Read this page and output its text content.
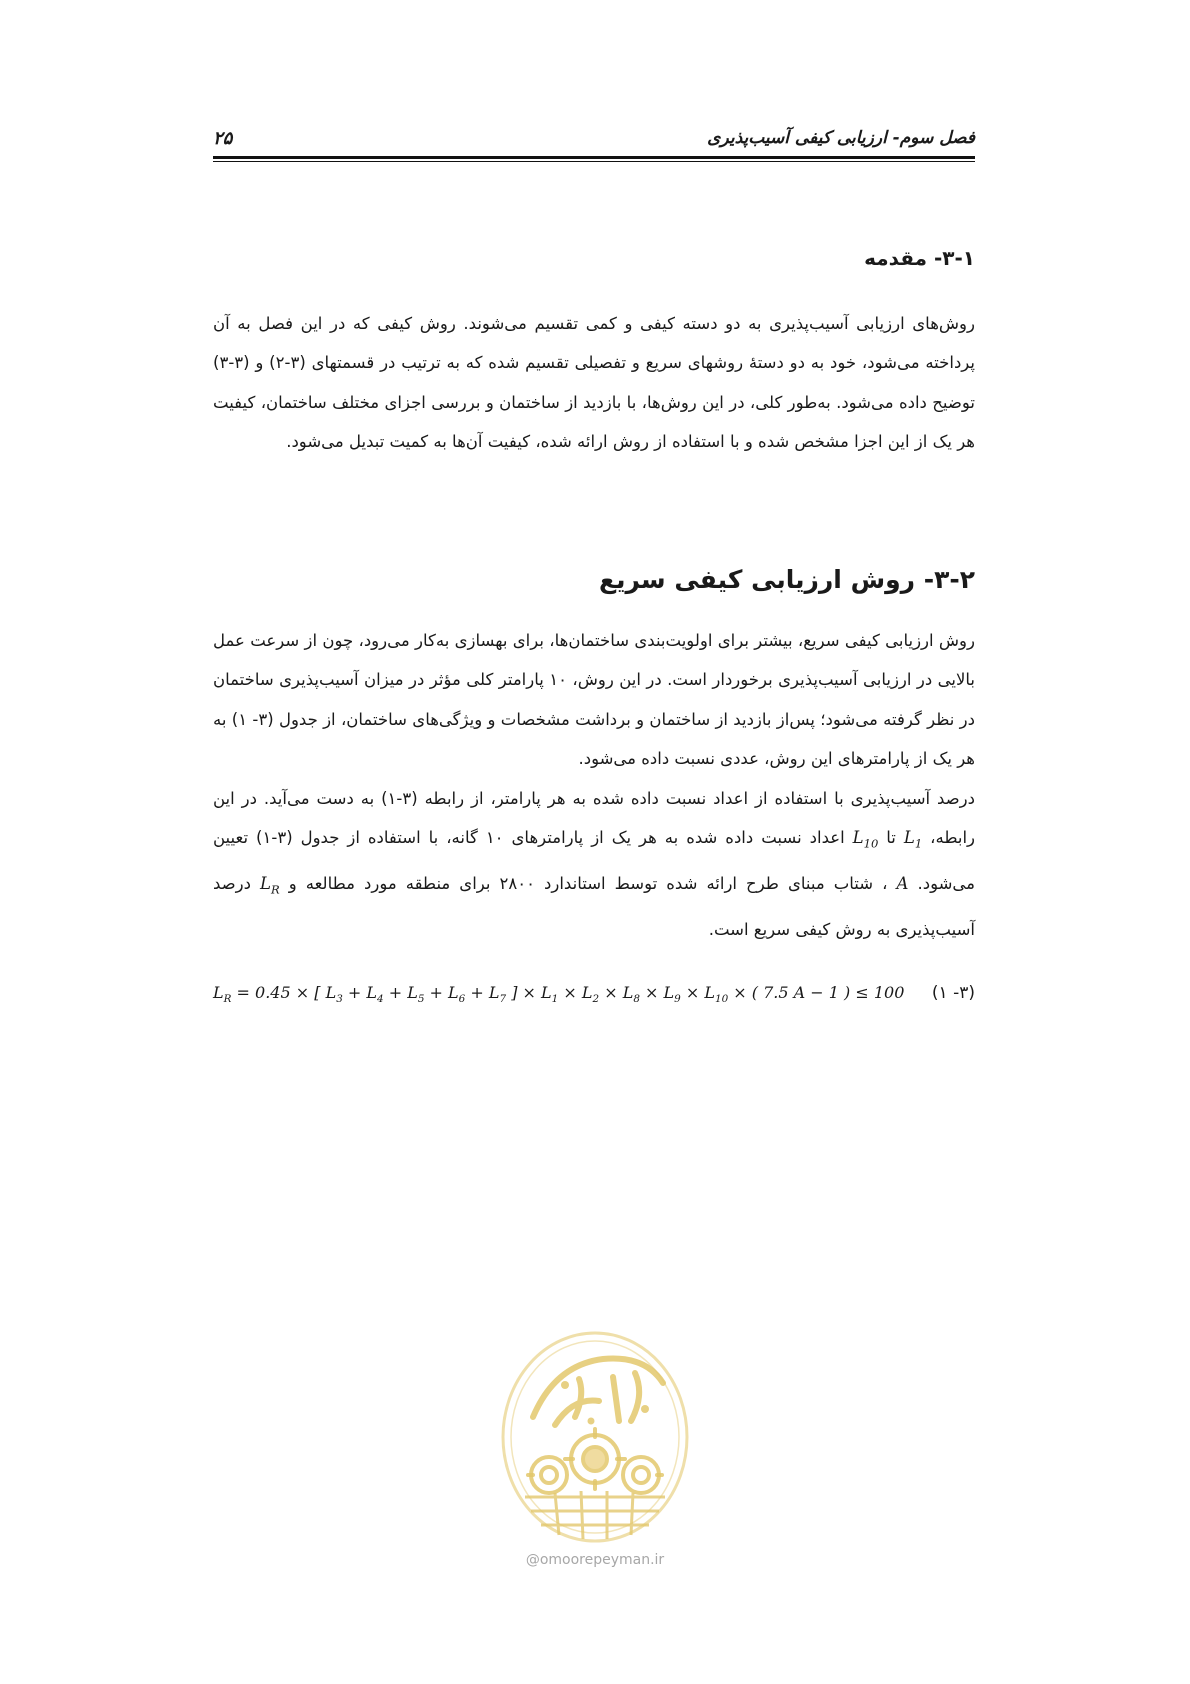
فصل سوم- ارزیابی کیفی آسیب‌پذیری
۲۵
۳-۱- مقدمه

روش‌های ارزیابی آسیب‌پذیری به دو دسته کیفی و کمی تقسیم می‌شوند. روش کیفی که در این فصل به آن پرداخته می‌شود، خود به دو دستهٔ روشهای سریع و تفصیلی تقسیم شده که به ترتیب در قسمتهای (۳-۲) و (۳-۳) توضیح داده می‌شود. به‌طور کلی، در این روش‌ها، با بازدید از ساختمان و بررسی اجزای مختلف ساختمان، کیفیت هر یک از این اجزا مشخص شده و با استفاده از روش ارائه شده، کیفیت آن‌ها به کمیت تبدیل می‌شود.

۳-۲- روش ارزیابی کیفی سریع

روش ارزیابی کیفی سریع، بیشتر برای اولویت‌بندی ساختمان‌ها، برای بهسازی به‌کار می‌رود، چون از سرعت عمل بالایی در ارزیابی آسیب‌پذیری برخوردار است. در این روش، ۱۰ پارامتر کلی مؤثر در میزان آسیب‌پذیری ساختمان در نظر گرفته می‌شود؛ پس‌از بازدید از ساختمان و برداشت مشخصات و ویژگی‌های ساختمان، از جدول (۳- ۱) به هر یک از پارامترهای این روش، عددی نسبت داده می‌شود.

درصد آسیب‌پذیری با استفاده از اعداد نسبت داده شده به هر پارامتر، از رابطه (۳-۱) به دست می‌آید. در این رابطه، $L_1$ تا $L_{10}$ اعداد نسبت داده شده به هر یک از پارامترهای ۱۰ گانه، با استفاده از جدول (۳-۱) تعیین می‌شود. A ، شتاب مبنای طرح ارائه شده توسط استاندارد ۲۸۰۰ برای منطقه مورد مطالعه و $L_R$ درصد آسیب‌پذیری به روش کیفی سریع است.

$L_R = 0.45$ × [ $L_3 + L_4 + L_5 + L_6 + L_7$ ] × $L_1 \times L_2 \times L_8 \times L_9 \times L_{10}$ × ( 7.5 A − 1 ) ≤ 100 (۳- ۱)
@omoorepeyman.ir
